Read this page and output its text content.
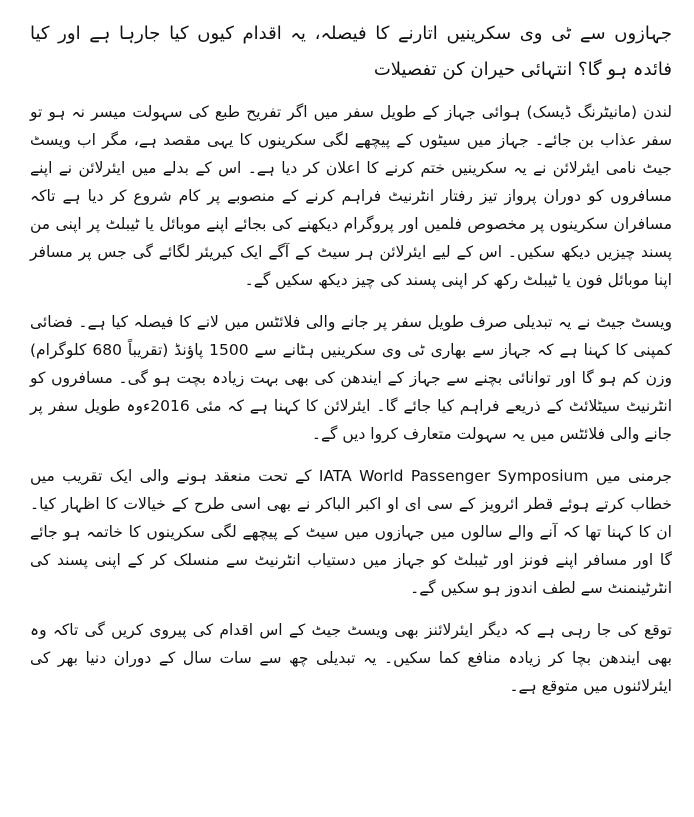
جہازوں سے ٹی وی سکرینیں اتارنے کا فیصلہ، یہ اقدام کیوں کیا جارہا ہے اور کیا فائدہ ہو گا؟ انتہائی حیران کن تفصیلات

لندن (مانیٹرنگ ڈیسک) ہوائی جہاز کے طویل سفر میں اگر تفریح طبع کی سہولت میسر نہ ہو تو سفر عذاب بن جائے۔ جہاز میں سیٹوں کے پیچھے لگی سکرینوں کا یہی مقصد ہے، مگر اب ویسٹ جیٹ نامی ایئرلائن نے یہ سکرینیں ختم کرنے کا اعلان کر دیا ہے۔ اس کے بدلے میں ایئرلائن نے اپنے مسافروں کو دوران پرواز تیز رفتار انٹرنیٹ فراہم کرنے کے منصوبے پر کام شروع کر دیا ہے تاکہ مسافران سکرینوں پر مخصوص فلمیں اور پروگرام دیکھنے کی بجائے اپنے موبائل یا ٹیبلٹ پر اپنی من پسند چیزیں دیکھ سکیں۔ اس کے لیے ایئرلائن ہر سیٹ کے آگے ایک کیریئر لگائے گی جس پر مسافر اپنا موبائل فون یا ٹیبلٹ رکھ کر اپنی پسند کی چیز دیکھ سکیں گے۔

ویسٹ جیٹ نے یہ تبدیلی صرف طویل سفر پر جانے والی فلائٹس میں لانے کا فیصلہ کیا ہے۔ فضائی کمپنی کا کہنا ہے کہ جہاز سے بھاری ٹی وی سکرینیں ہٹانے سے 1500 پاﺅنڈ (تقریباً 680 کلوگرام) وزن کم ہو گا اور توانائی بچنے سے جہاز کے ایندھن کی بھی بہت زیادہ بچت ہو گی۔ مسافروں کو انٹرنیٹ سیٹلائٹ کے ذریعے فراہم کیا جائے گا۔ ایئرلائن کا کہنا ہے کہ مئی 2016ءوہ طویل سفر پر جانے والی فلائٹس میں یہ سہولت متعارف کروا دیں گے۔

جرمنی میں IATA World Passenger Symposium کے تحت منعقد ہونے والی ایک تقریب میں خطاب کرتے ہوئے قطر ائرویز کے سی ای او اکبر الباکر نے بھی اسی طرح کے خیالات کا اظہار کیا۔ ان کا کہنا تھا کہ آنے والے سالوں میں جہازوں میں سیٹ کے پیچھے لگی سکرینوں کا خاتمہ ہو جائے گا اور مسافر اپنے فونز اور ٹیبلٹ کو جہاز میں دستیاب انٹرنیٹ سے منسلک کر کے اپنی پسند کی انٹرٹینمنٹ سے لطف اندوز ہو سکیں گے۔

توقع کی جا رہی ہے کہ دیگر ایئرلائنز بھی ویسٹ جیٹ کے اس اقدام کی پیروی کریں گی تاکہ وہ بھی ایندھن بچا کر زیادہ منافع کما سکیں۔ یہ تبدیلی چھ سے سات سال کے دوران دنیا بھر کی ایئرلائنوں میں متوقع ہے۔
